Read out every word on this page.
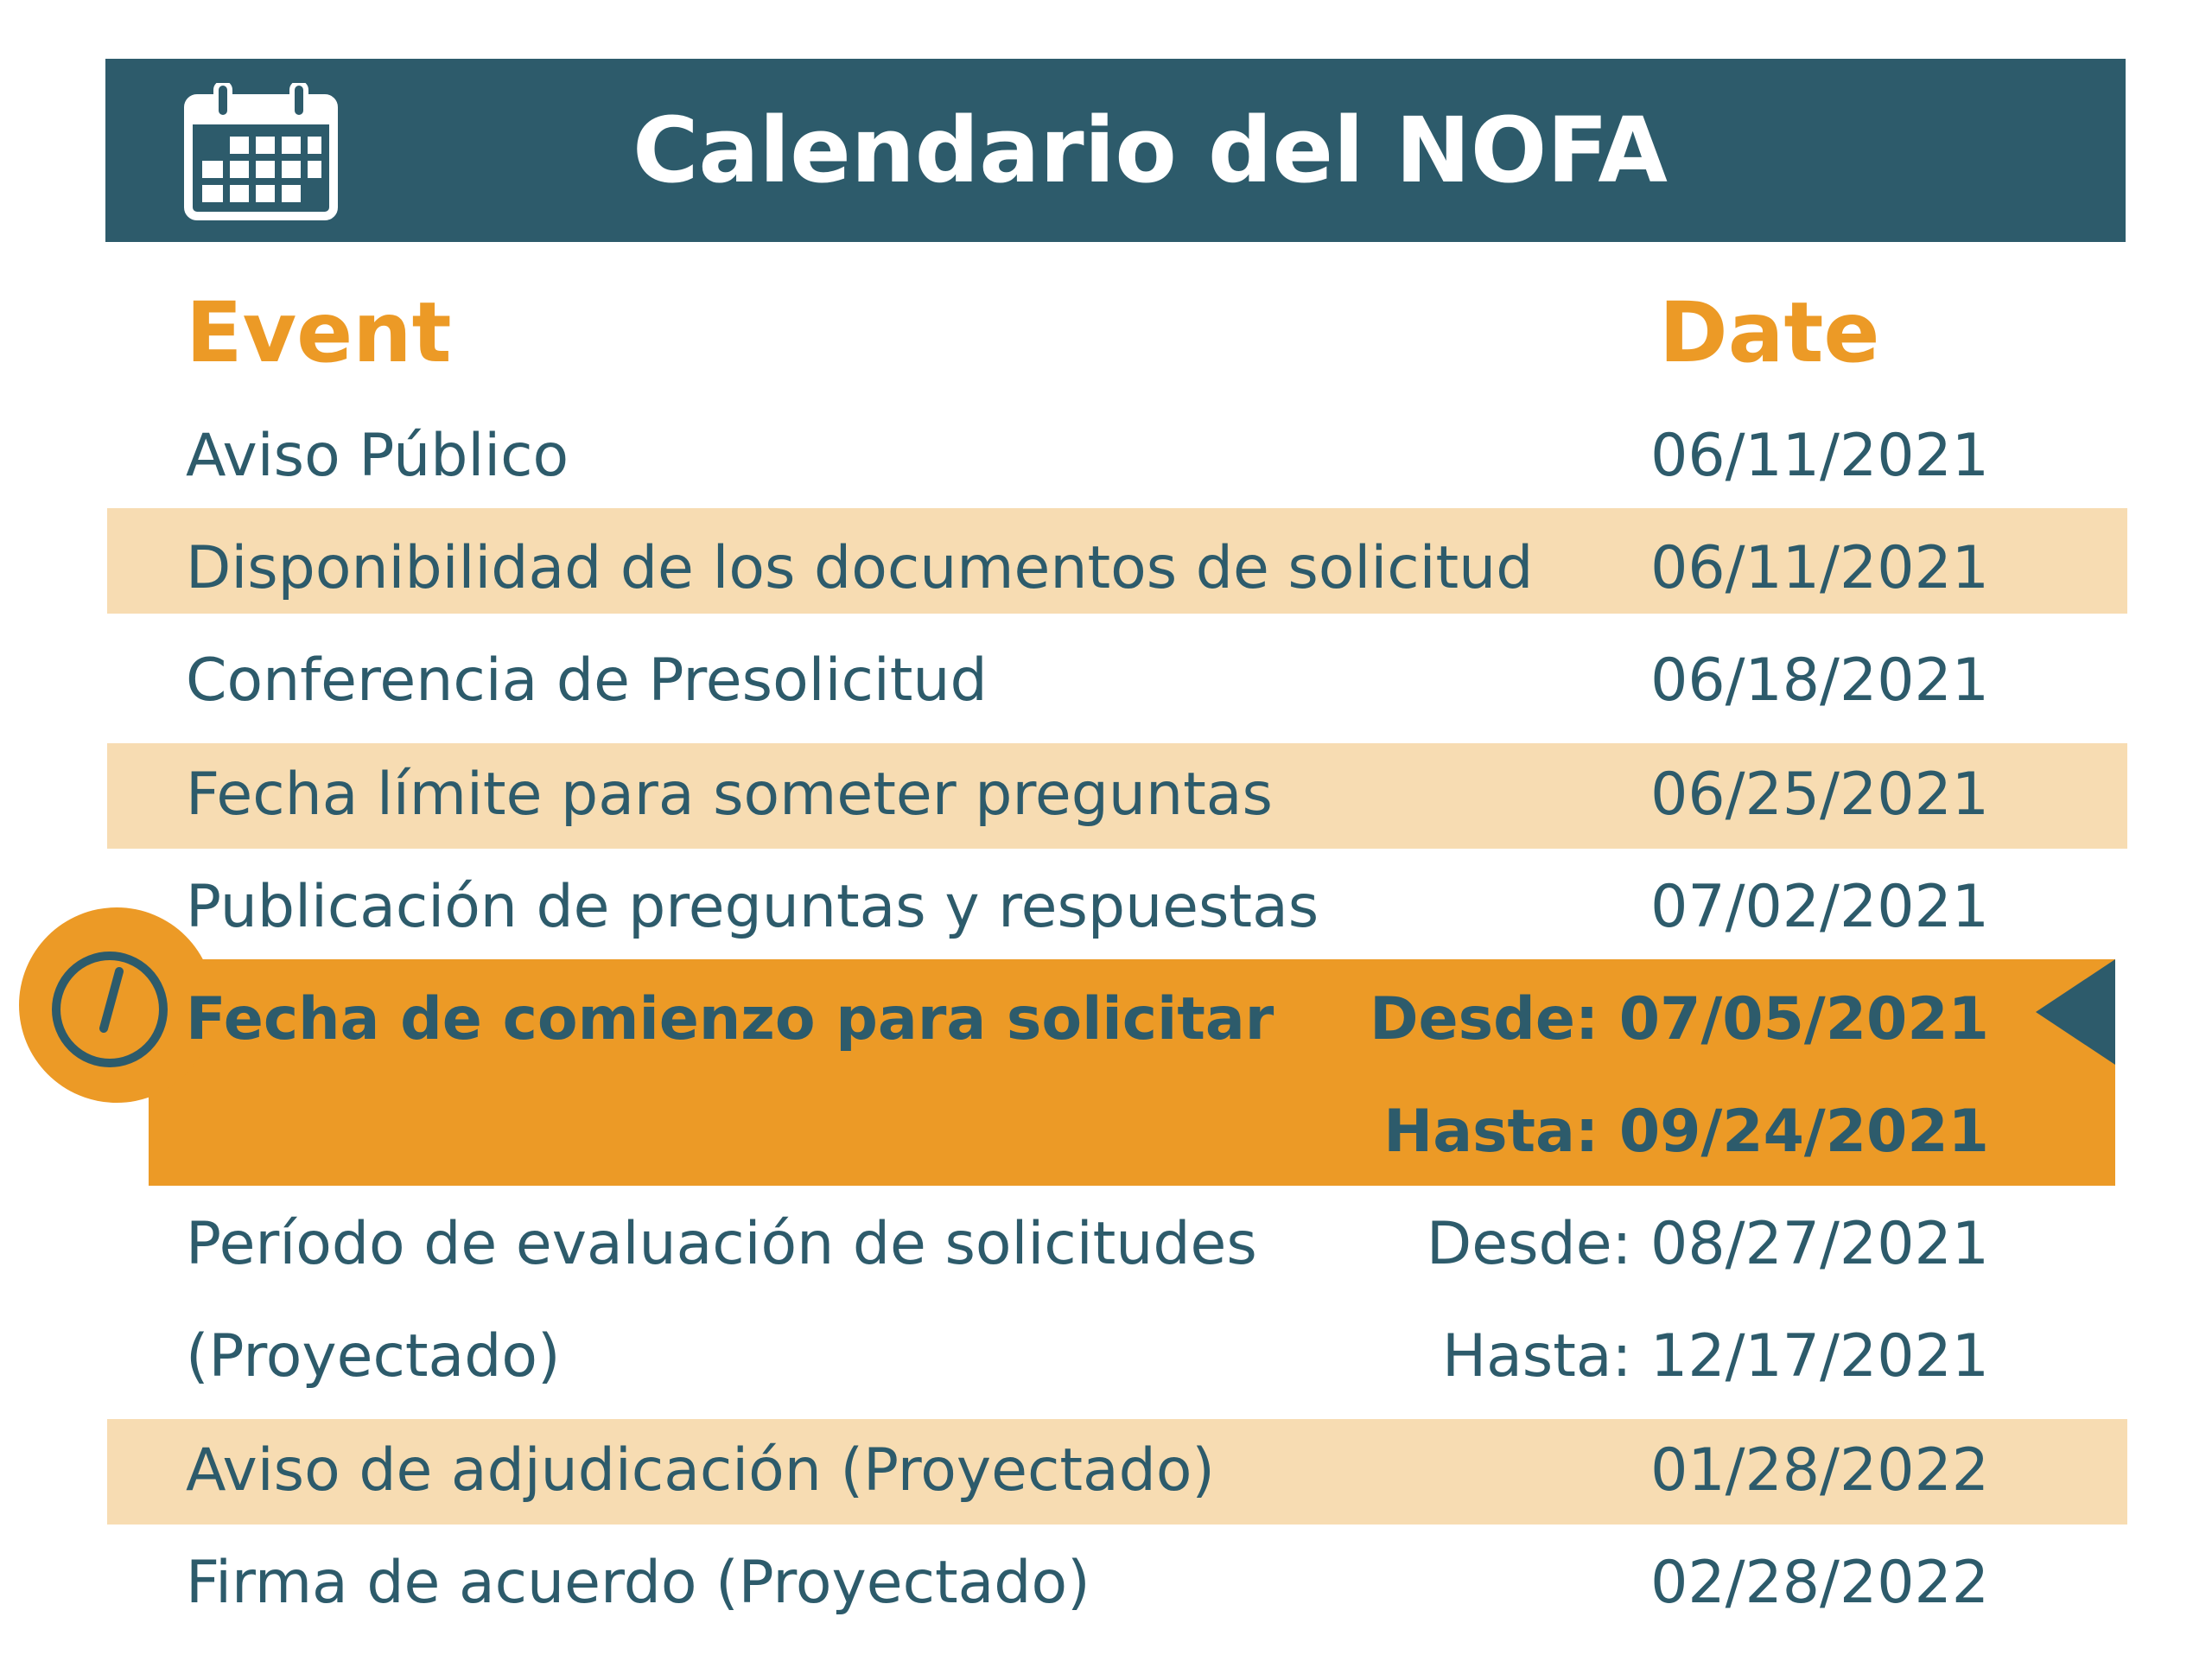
Calendario del NOFA
Event	Date
Aviso Público	06/11/2021
Disponibilidad de los documentos de solicitud 06/11/2021
Conferencia de Presolicitud	06/18/2021
Fecha límite para someter preguntas	06/25/2021
Publicación de preguntas y respuestas	07/02/2021
Fecha de comienzo para solicitar Desde: 07/05/2021
Hasta: 09/24/2021
Período de evaluación de solicitudes	Desde: 08/27/2021
(Proyectado)	Hasta: 12/17/2021
Aviso de adjudicación (Proyectado)	01/28/2022
Firma de acuerdo (Proyectado)	02/28/2022
